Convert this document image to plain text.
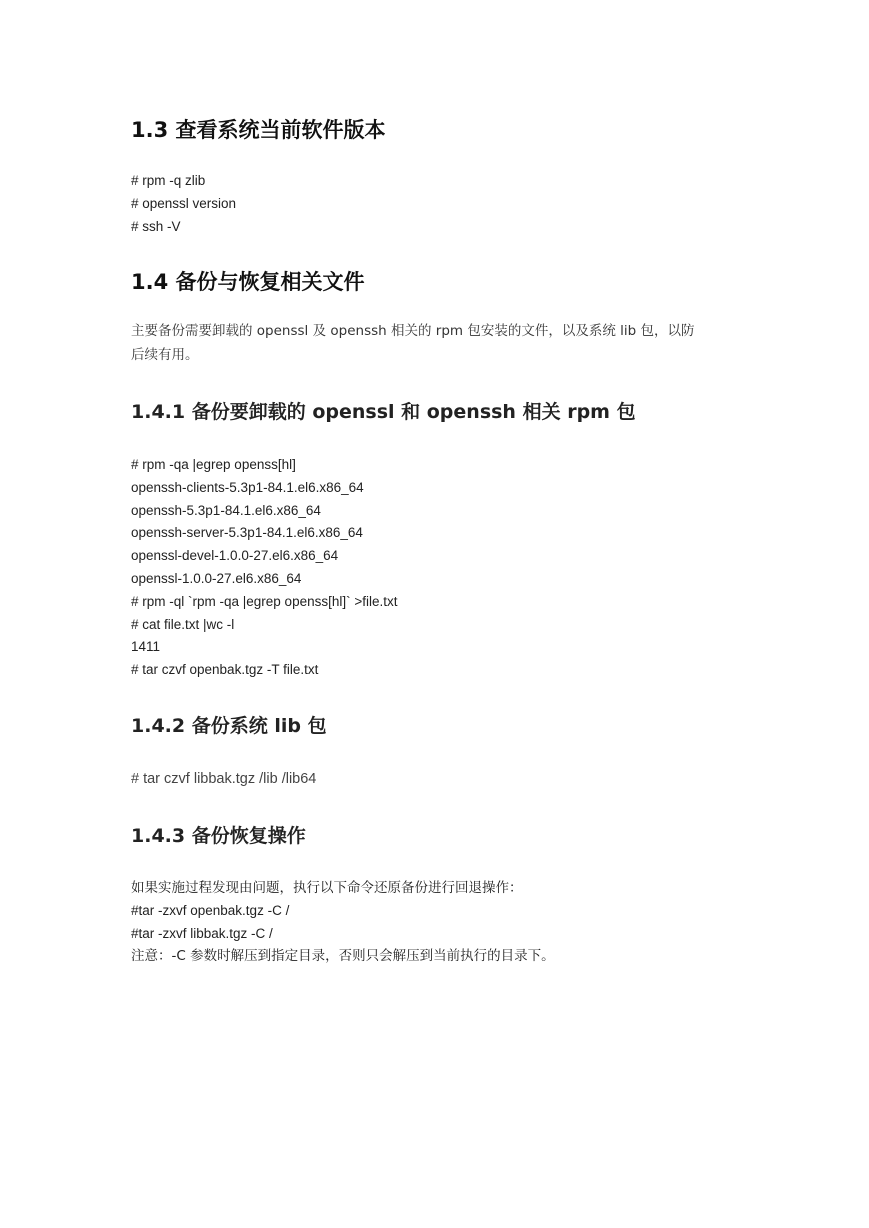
1.3 查看系统当前软件版本
# rpm -q zlib
# openssl version
# ssh -V
1.4 备份与恢复相关文件
主要备份需要卸载的 openssl 及 openssh 相关的 rpm 包安装的文件，以及系统 lib 包，以防
后续有用。
1.4.1 备份要卸载的 openssl 和 openssh 相关 rpm 包
# rpm -qa |egrep openss[hl]
openssh-clients-5.3p1-84.1.el6.x86_64
openssh-5.3p1-84.1.el6.x86_64
openssh-server-5.3p1-84.1.el6.x86_64
openssl-devel-1.0.0-27.el6.x86_64
openssl-1.0.0-27.el6.x86_64
# rpm -ql `rpm -qa |egrep openss[hl]` >file.txt
# cat file.txt |wc -l
1411
# tar czvf openbak.tgz -T file.txt
1.4.2 备份系统 lib 包
# tar czvf libbak.tgz /lib /lib64
1.4.3 备份恢复操作
如果实施过程发现由问题，执行以下命令还原备份进行回退操作：
#tar -zxvf openbak.tgz -C /
#tar -zxvf libbak.tgz -C /
注意：-C 参数时解压到指定目录，否则只会解压到当前执行的目录下。
